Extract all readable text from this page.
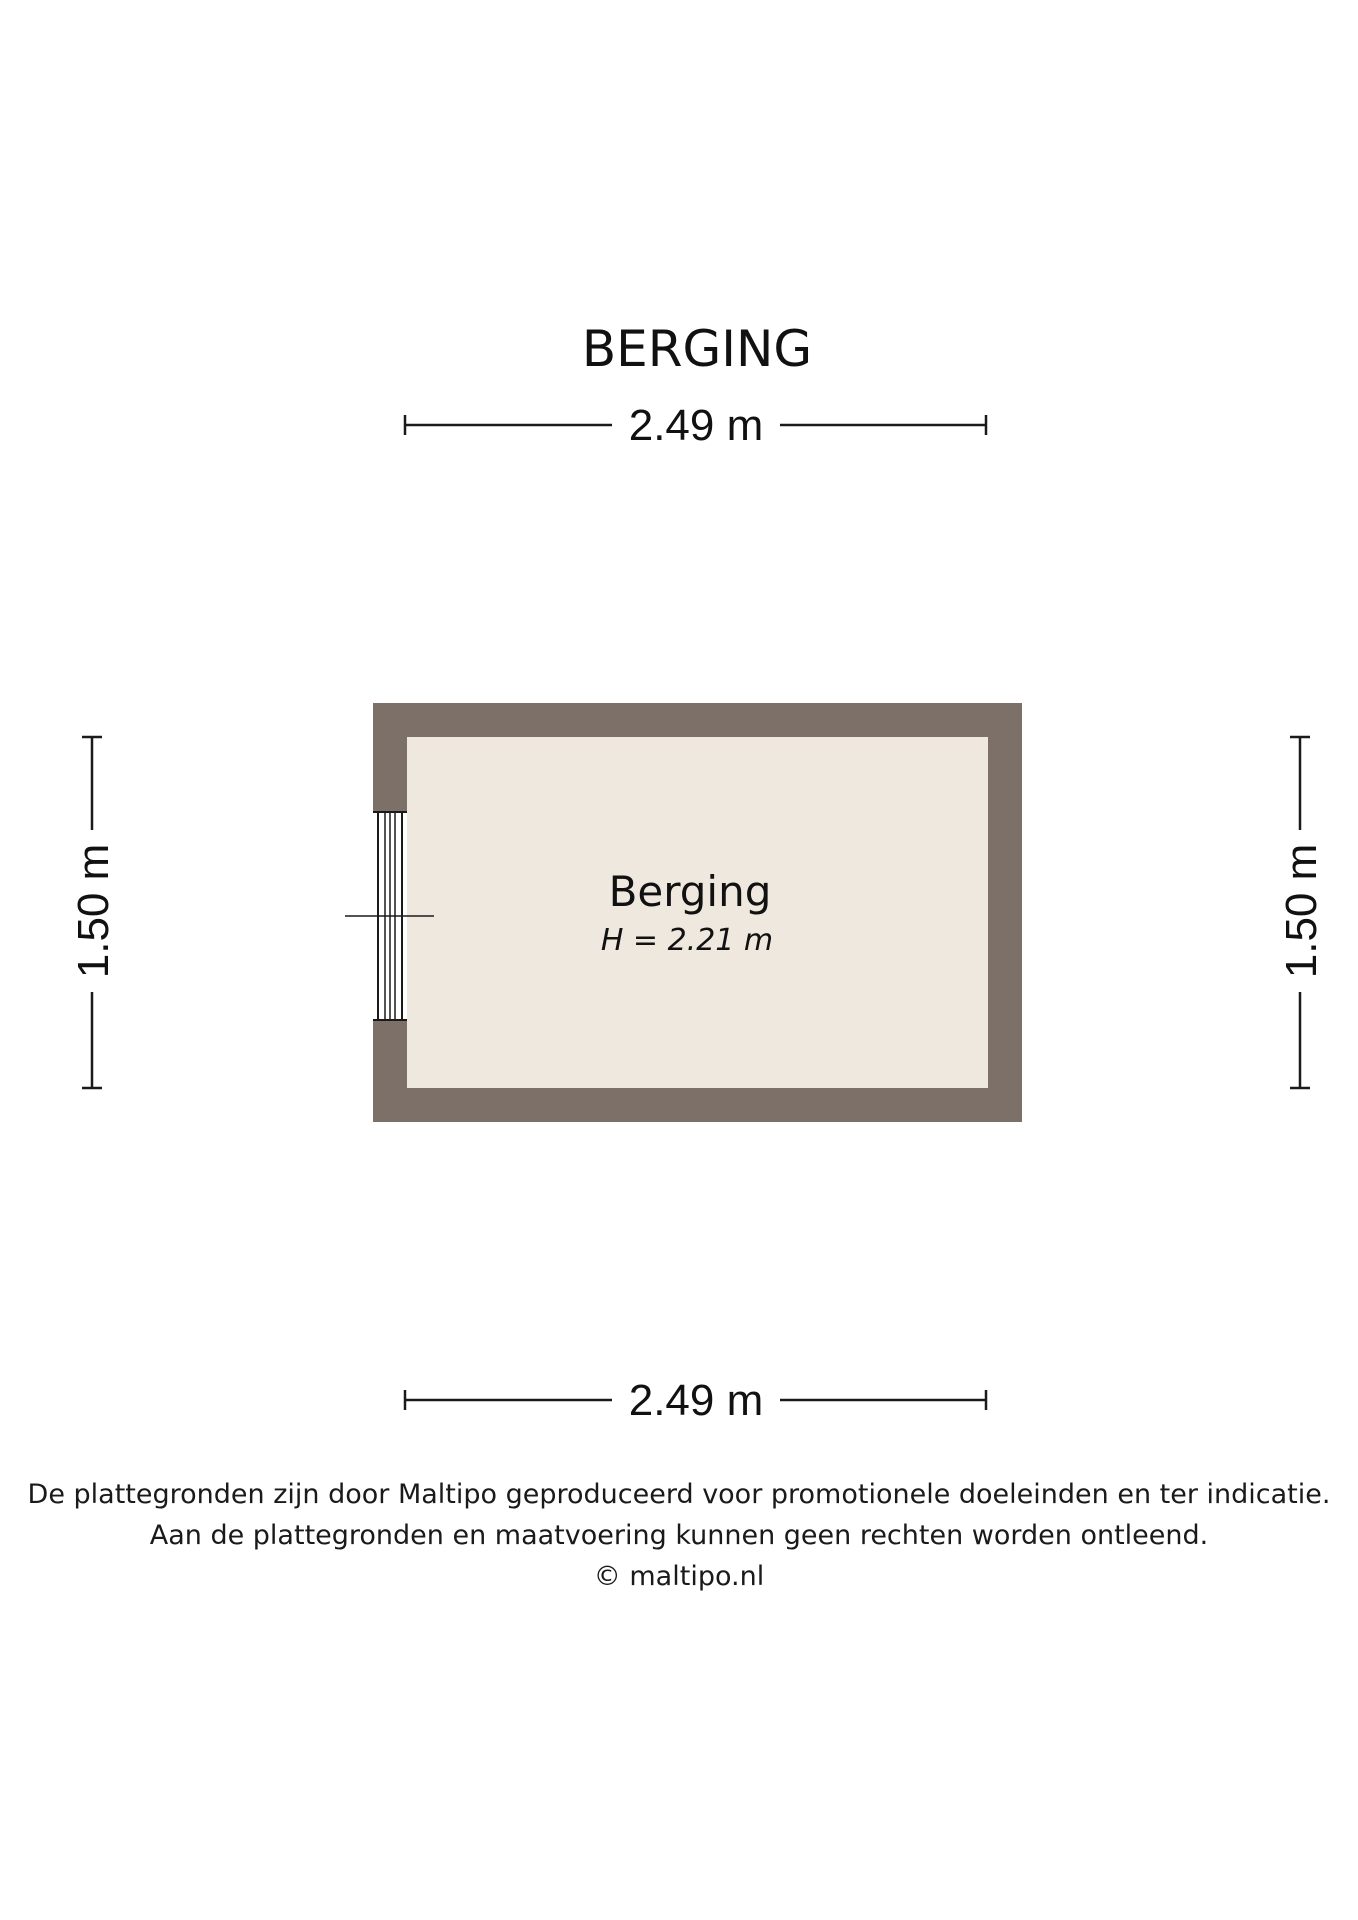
BERGING
2.49 m
2.49 m
1.50 m	1.50 m
Berging
H = 2.21 m
De plattegronden zijn door Maltipo geproduceerd voor promotionele doeleinden en ter indicatie.
Aan de plattegronden en maatvoering kunnen geen rechten worden ontleend.
© maltipo.nl
